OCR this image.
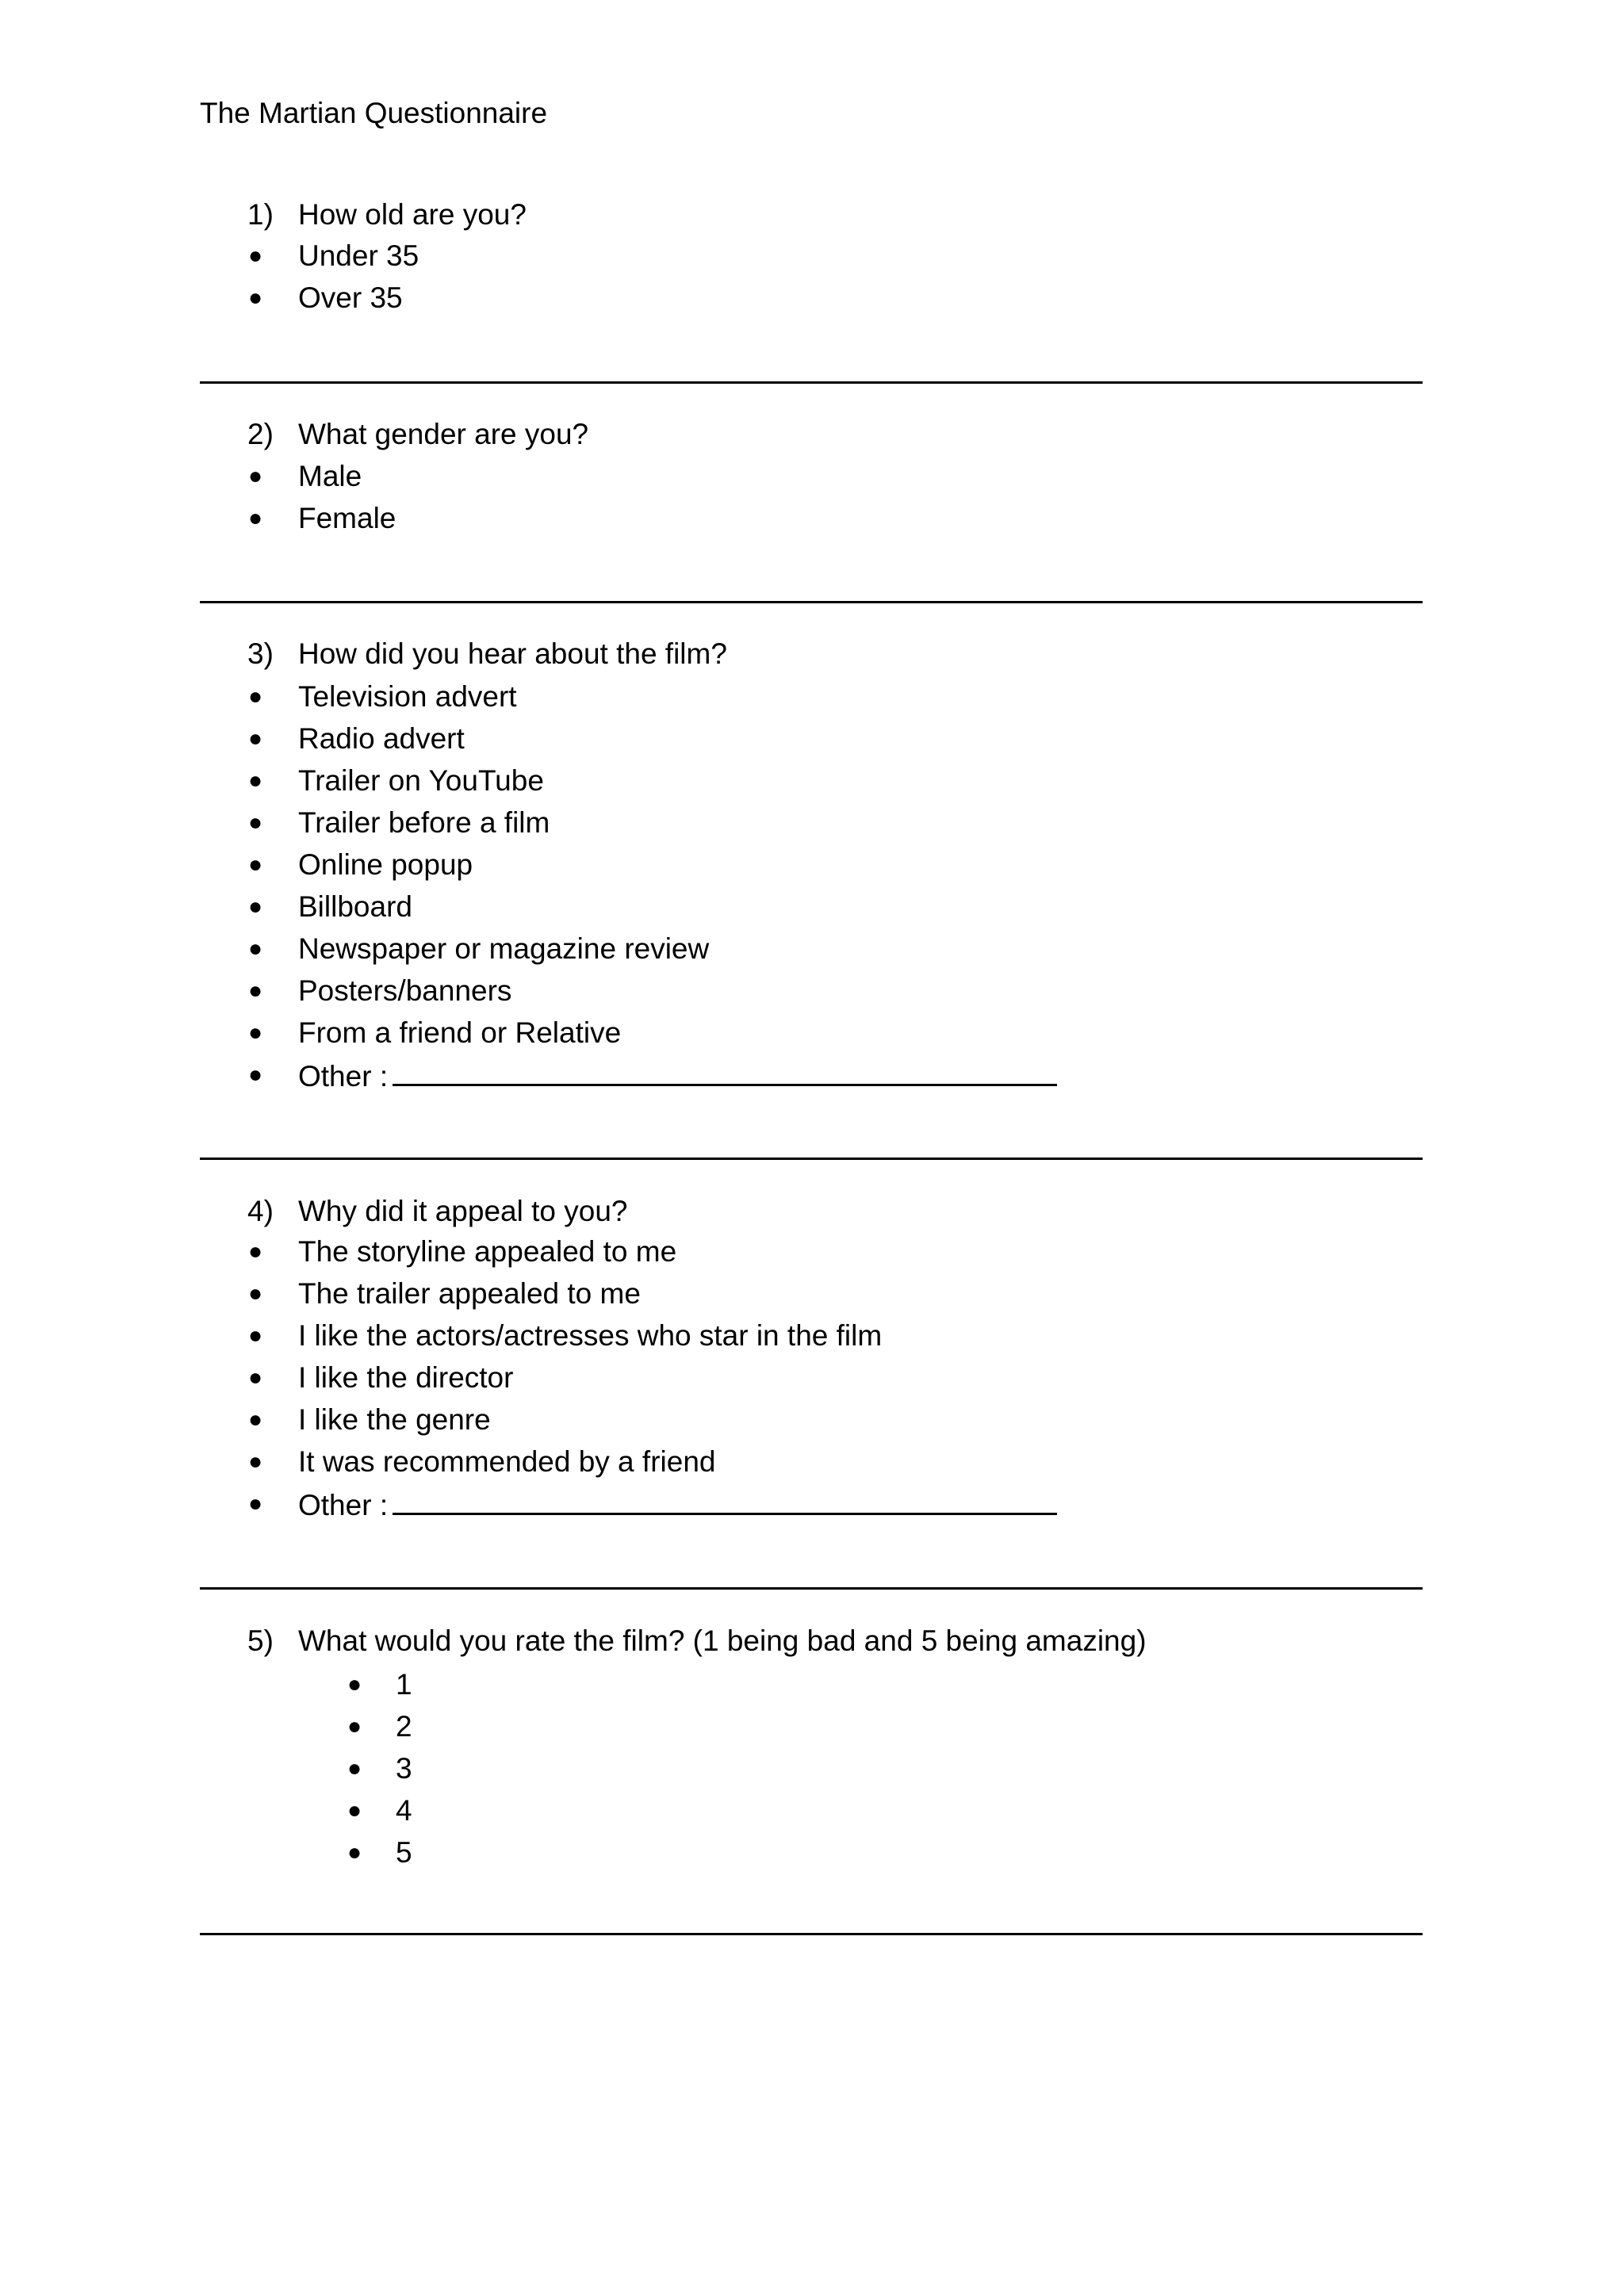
The Martian Questionnaire
1) How old are you?
● Under 35
● Over 35
2) What gender are you?
● Male
● Female
3) How did you hear about the film?
● Television advert
● Radio advert
● Trailer on YouTube
● Trailer before a film
● Online popup
● Billboard
● Newspaper or magazine review
● Posters/banners
● From a friend or Relative
● Other :
4) Why did it appeal to you?
● The storyline appealed to me
● The trailer appealed to me
● I like the actors/actresses who star in the film
● I like the director
● I like the genre
● It was recommended by a friend
● Other :
5) What would you rate the film? (1 being bad and 5 being amazing)
● 1
● 2
● 3
● 4
● 5
